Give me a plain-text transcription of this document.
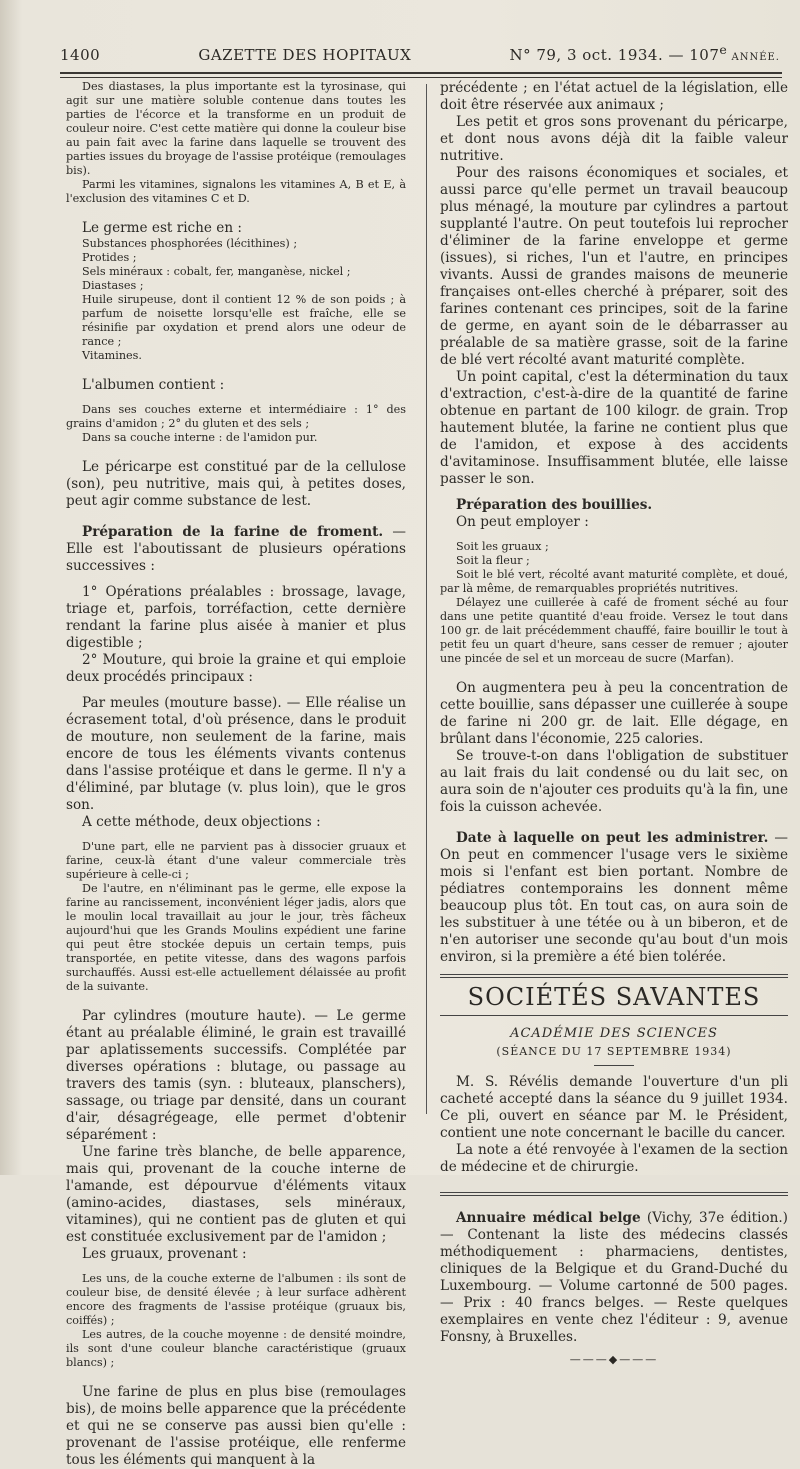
1400	GAZETTE DES HOPITAUX	N° 79, 3 oct. 1934. — 107e ANNÉE.

Des diastases, la plus importante est la tyrosinase, qui agit sur une matière soluble contenue dans toutes les parties de l'écorce et la transforme en un produit de couleur noire. C'est cette matière qui donne la couleur bise au pain fait avec la farine dans laquelle se trouvent des parties issues du broyage de l'assise protéique (remoulages bis).

Parmi les vitamines, signalons les vitamines A, B et E, à l'exclusion des vitamines C et D.

Le germe est riche en :

Substances phosphorées (lécithines) ;

Protides ;

Sels minéraux : cobalt, fer, manganèse, nickel ;

Diastases ;

Huile sirupeuse, dont il contient 12 % de son poids ; à parfum de noisette lorsqu'elle est fraîche, elle se résinifie par oxydation et prend alors une odeur de rance ;

Vitamines.

L'albumen contient :

Dans ses couches externe et intermédiaire : 1° des grains d'amidon ; 2° du gluten et des sels ;

Dans sa couche interne : de l'amidon pur.

Le péricarpe est constitué par de la cellulose (son), peu nutritive, mais qui, à petites doses, peut agir comme substance de lest.

Préparation de la farine de froment. — Elle est l'aboutissant de plusieurs opérations successives :

1° Opérations préalables : brossage, lavage, triage et, parfois, torréfaction, cette dernière rendant la farine plus aisée à manier et plus digestible ;

2° Mouture, qui broie la graine et qui emploie deux procédés principaux :

Par meules (mouture basse). — Elle réalise un écrasement total, d'où présence, dans le produit de mouture, non seulement de la farine, mais encore de tous les éléments vivants contenus dans l'assise protéique et dans le germe. Il n'y a d'éliminé, par blutage (v. plus loin), que le gros son.

A cette méthode, deux objections :

D'une part, elle ne parvient pas à dissocier gruaux et farine, ceux-là étant d'une valeur commerciale très supérieure à celle-ci ;

De l'autre, en n'éliminant pas le germe, elle expose la farine au rancissement, inconvénient léger jadis, alors que le moulin local travaillait au jour le jour, très fâcheux aujourd'hui que les Grands Moulins expédient une farine qui peut être stockée depuis un certain temps, puis transportée, en petite vitesse, dans des wagons parfois surchauffés. Aussi est-elle actuellement délaissée au profit de la suivante.

Par cylindres (mouture haute). — Le germe étant au préalable éliminé, le grain est travaillé par aplatissements successifs. Complétée par diverses opérations : blutage, ou passage au travers des tamis (syn. : bluteaux, planschers), sassage, ou triage par densité, dans un courant d'air, désagrégeage, elle permet d'obtenir séparément :

Une farine très blanche, de belle apparence, mais qui, provenant de la couche interne de l'amande, est dépourvue d'éléments vitaux (amino-acides, diastases, sels minéraux, vitamines), qui ne contient pas de gluten et qui est constituée exclusivement par de l'amidon ;

Les gruaux, provenant :

Les uns, de la couche externe de l'albumen : ils sont de couleur bise, de densité élevée ; à leur surface adhèrent encore des fragments de l'assise protéique (gruaux bis, coiffés) ;

Les autres, de la couche moyenne : de densité moindre, ils sont d'une couleur blanche caractéristique (gruaux blancs) ;

Une farine de plus en plus bise (remoulages bis), de moins belle apparence que la précédente et qui ne se conserve pas aussi bien qu'elle : provenant de l'assise protéique, elle renferme tous les éléments qui manquent à la

précédente ; en l'état actuel de la législation, elle doit être réservée aux animaux ;

Les petit et gros sons provenant du péricarpe, et dont nous avons déjà dit la faible valeur nutritive.

Pour des raisons économiques et sociales, et aussi parce qu'elle permet un travail beaucoup plus ménagé, la mouture par cylindres a partout supplanté l'autre. On peut toutefois lui reprocher d'éliminer de la farine enveloppe et germe (issues), si riches, l'un et l'autre, en principes vivants. Aussi de grandes maisons de meunerie françaises ont-elles cherché à préparer, soit des farines contenant ces principes, soit de la farine de germe, en ayant soin de le débarrasser au préalable de sa matière grasse, soit de la farine de blé vert récolté avant maturité complète.

Un point capital, c'est la détermination du taux d'extraction, c'est-à-dire de la quantité de farine obtenue en partant de 100 kilogr. de grain. Trop hautement blutée, la farine ne contient plus que de l'amidon, et expose à des accidents d'avitaminose. Insuffisamment blutée, elle laisse passer le son.

Préparation des bouillies.

On peut employer :

Soit les gruaux ;

Soit la fleur ;

Soit le blé vert, récolté avant maturité complète, et doué, par là même, de remarquables propriétés nutritives.

Délayez une cuillerée à café de froment séché au four dans une petite quantité d'eau froide. Versez le tout dans 100 gr. de lait précédemment chauffé, faire bouillir le tout à petit feu un quart d'heure, sans cesser de remuer ; ajouter une pincée de sel et un morceau de sucre (Marfan).

On augmentera peu à peu la concentration de cette bouillie, sans dépasser une cuillerée à soupe de farine ni 200 gr. de lait. Elle dégage, en brûlant dans l'économie, 225 calories.

Se trouve-t-on dans l'obligation de substituer au lait frais du lait condensé ou du lait sec, on aura soin de n'ajouter ces produits qu'à la fin, une fois la cuisson achevée.

Date à laquelle on peut les administrer. — On peut en commencer l'usage vers le sixième mois si l'enfant est bien portant. Nombre de pédiatres contemporains les donnent même beaucoup plus tôt. En tout cas, on aura soin de les substituer à une tétée ou à un biberon, et de n'en autoriser une seconde qu'au bout d'un mois environ, si la première a été bien tolérée.

SOCIÉTÉS SAVANTES
ACADÉMIE DES SCIENCES
(SÉANCE DU 17 SEPTEMBRE 1934)

M. S. Révélis demande l'ouverture d'un pli cacheté accepté dans la séance du 9 juillet 1934. Ce pli, ouvert en séance par M. le Président, contient une note concernant le bacille du cancer.

La note a été renvoyée à l'examen de la section de médecine et de chirurgie.

Annuaire médical belge (Vichy, 37e édition.) — Contenant la liste des médecins classés méthodiquement : pharmaciens, dentistes, cliniques de la Belgique et du Grand-Duché du Luxembourg. — Volume cartonné de 500 pages. — Prix : 40 francs belges. — Reste quelques exemplaires en vente chez l'éditeur : 9, avenue Fonsny, à Bruxelles.

———◆———
